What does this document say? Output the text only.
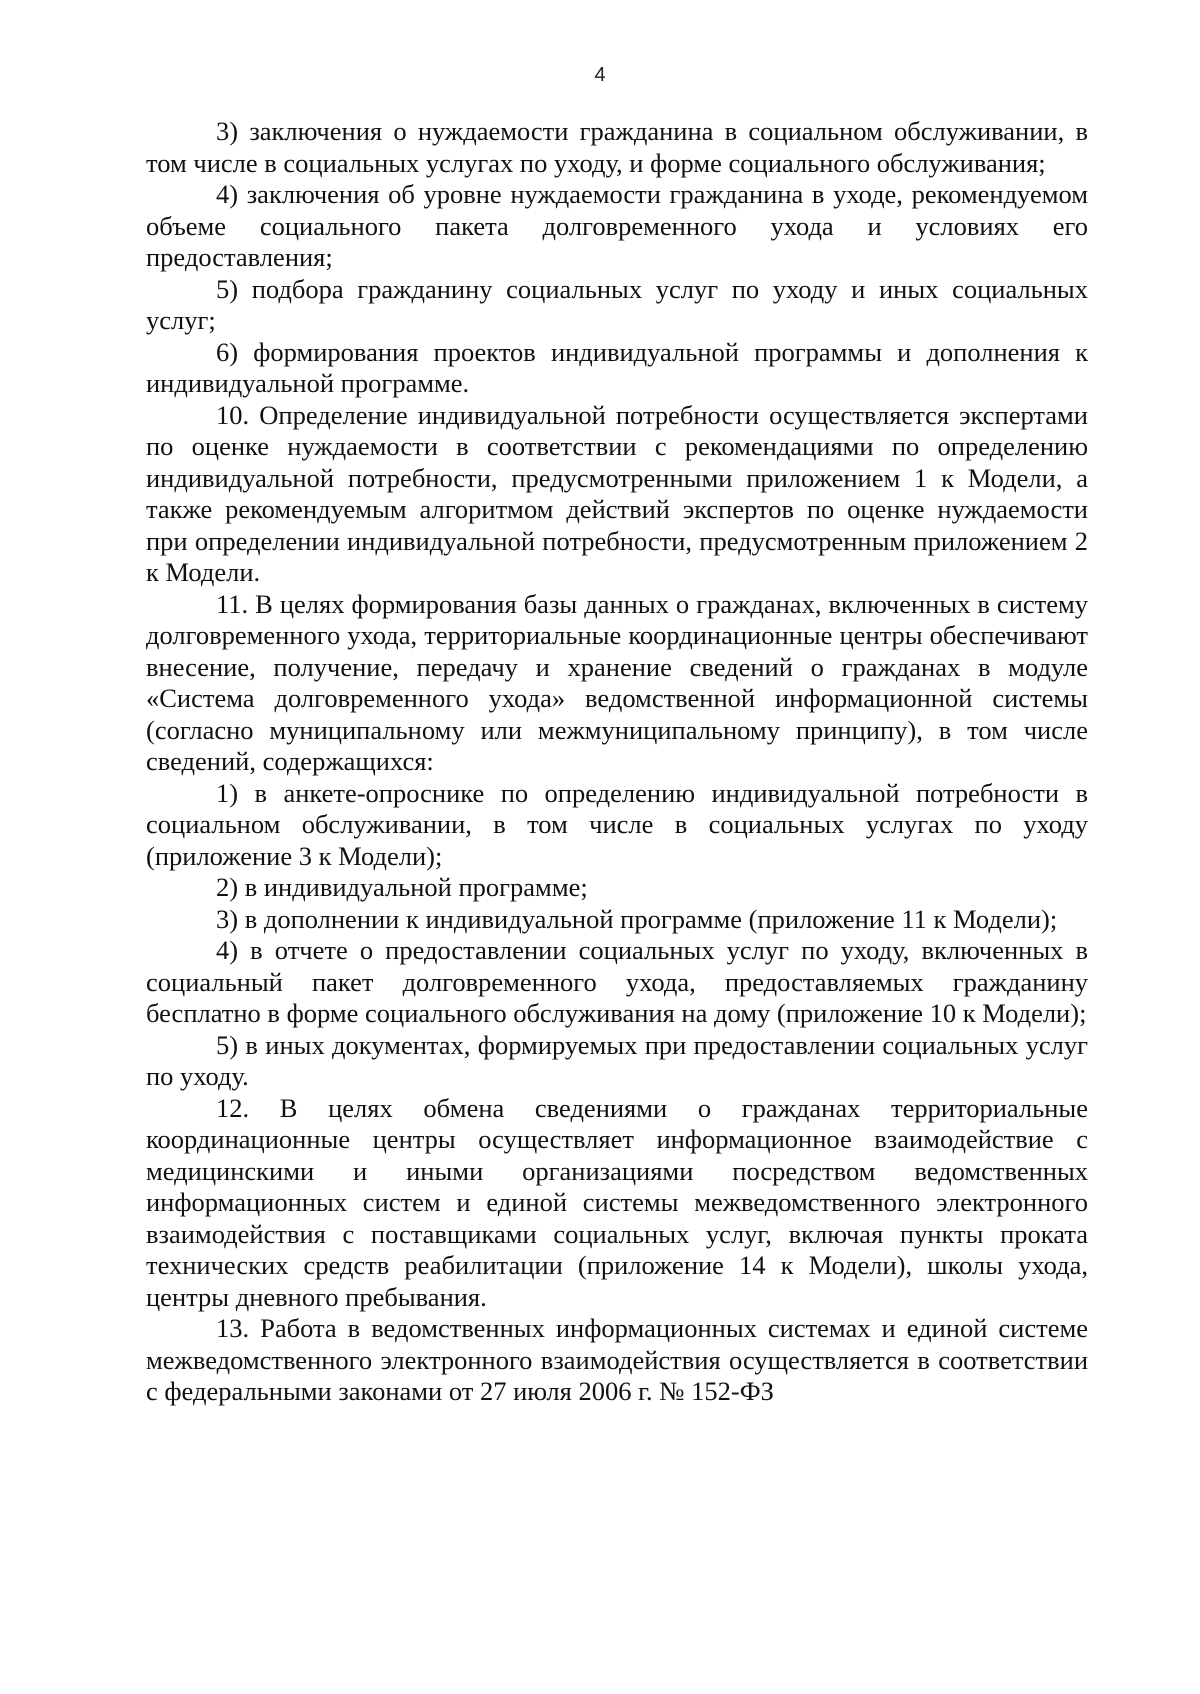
4

3) заключения о нуждаемости гражданина в социальном обслуживании, в том числе в социальных услугах по уходу, и форме социального обслуживания;

4) заключения об уровне нуждаемости гражданина в уходе, рекомендуемом объеме социального пакета долговременного ухода и условиях его предоставления;

5) подбора гражданину социальных услуг по уходу и иных социальных услуг;

6) формирования проектов индивидуальной программы и дополнения к индивидуальной программе.

10. Определение индивидуальной потребности осуществляется экспертами по оценке нуждаемости в соответствии с рекомендациями по определению индивидуальной потребности, предусмотренными приложением 1 к Модели, а также рекомендуемым алгоритмом действий экспертов по оценке нуждаемости при определении индивидуальной потребности, предусмотренным приложением 2 к Модели.

11. В целях формирования базы данных о гражданах, включенных в систему долговременного ухода, территориальные координационные центры обеспечивают внесение, получение, передачу и хранение сведений о гражданах в модуле «Система долговременного ухода» ведомственной информационной системы (согласно муниципальному или межмуниципальному принципу), в том числе сведений, содержащихся:

1) в анкете-опроснике по определению индивидуальной потребности в социальном обслуживании, в том числе в социальных услугах по уходу (приложение 3 к Модели);

2) в индивидуальной программе;

3) в дополнении к индивидуальной программе (приложение 11 к Модели);

4) в отчете о предоставлении социальных услуг по уходу, включенных в социальный пакет долговременного ухода, предоставляемых гражданину бесплатно в форме социального обслуживания на дому (приложение 10 к Модели);

5) в иных документах, формируемых при предоставлении социальных услуг по уходу.

12. В целях обмена сведениями о гражданах территориальные координационные центры осуществляет информационное взаимодействие с медицинскими и иными организациями посредством ведомственных информационных систем и единой системы межведомственного электронного взаимодействия с поставщиками социальных услуг, включая пункты проката технических средств реабилитации (приложение 14 к Модели), школы ухода, центры дневного пребывания.

13. Работа в ведомственных информационных системах и единой системе межведомственного электронного взаимодействия осуществляется в соответствии с федеральными законами от 27 июля 2006 г. № 152-ФЗ
